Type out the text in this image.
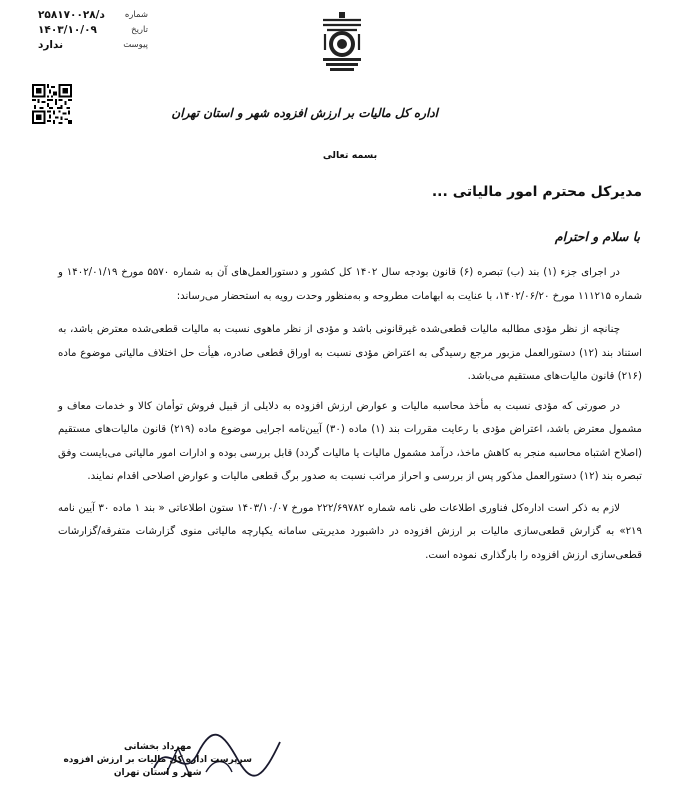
شماره
۲۵۸۱۷۰۰۲۸/د
تاریخ
۱۴۰۳/۱۰/۰۹
پیوست
ندارد
اداره کل مالیات بر ارزش افزوده شهر و استان تهران
بسمه تعالی
مدیرکل محترم امور مالیاتی ...
با سلام و احترام

در اجرای جزء (۱) بند (ب) تبصره (۶) قانون بودجه سال ۱۴۰۲ کل کشور و دستورالعمل‌های آن به شماره ۵۵۷۰ مورخ ۱۴۰۲/۰۱/۱۹ و شماره ۱۱۱۲۱۵ مورخ ۱۴۰۲/۰۶/۲۰، با عنایت به ابهامات مطروحه و به‌منظور وحدت رویه به استحضار می‌رساند:

چنانچه از نظر مؤدی مطالبه مالیات قطعی‌شده غیرقانونی باشد و مؤدی از نظر ماهوی نسبت به مالیات قطعی‌شده معترض باشد، به استناد بند (۱۲) دستورالعمل مزبور مرجع رسیدگی به اعتراض مؤدی نسبت به اوراق قطعی صادره، هیأت حل اختلاف مالیاتی موضوع ماده (۲۱۶) قانون مالیات‌های مستقیم می‌باشد.

در صورتی که مؤدی نسبت به مأخذ محاسبه مالیات و عوارض ارزش افزوده به دلایلی از قبیل فروش توأمان کالا و خدمات معاف و مشمول معترض باشد، اعتراض مؤدی با رعایت مقررات بند (۱) ماده (۳۰) آیین‌نامه اجرایی موضوع ماده (۲۱۹) قانون مالیات‌های مستقیم (اصلاح اشتباه محاسبه منجر به کاهش ماخذ، درآمد مشمول مالیات یا مالیات گردد) قابل بررسی بوده و ادارات امور مالیاتی می‌بایست وفق تبصره بند (۱۲) دستورالعمل مذکور پس از بررسی و احراز مراتب نسبت به صدور برگ قطعی مالیات و عوارض اصلاحی اقدام نمایند.

لازم به ذکر است اداره‌کل فناوری اطلاعات طی نامه شماره ۲۲۲/۶۹۷۸۲ مورخ ۱۴۰۳/۱۰/۰۷ ستون اطلاعاتی « بند ۱ ماده ۳۰ آیین نامه ۲۱۹» به گزارش قطعی‌سازی مالیات بر ارزش افزوده در داشبورد مدیریتی سامانه یکپارچه مالیاتی منوی گزارشات متفرقه/گزارشات قطعی‌سازی ارزش افزوده را بارگذاری نموده است.

مهرداد بخشانی
سرپرست اداره کل مالیات بر ارزش افزوده
شهر و استان تهران
